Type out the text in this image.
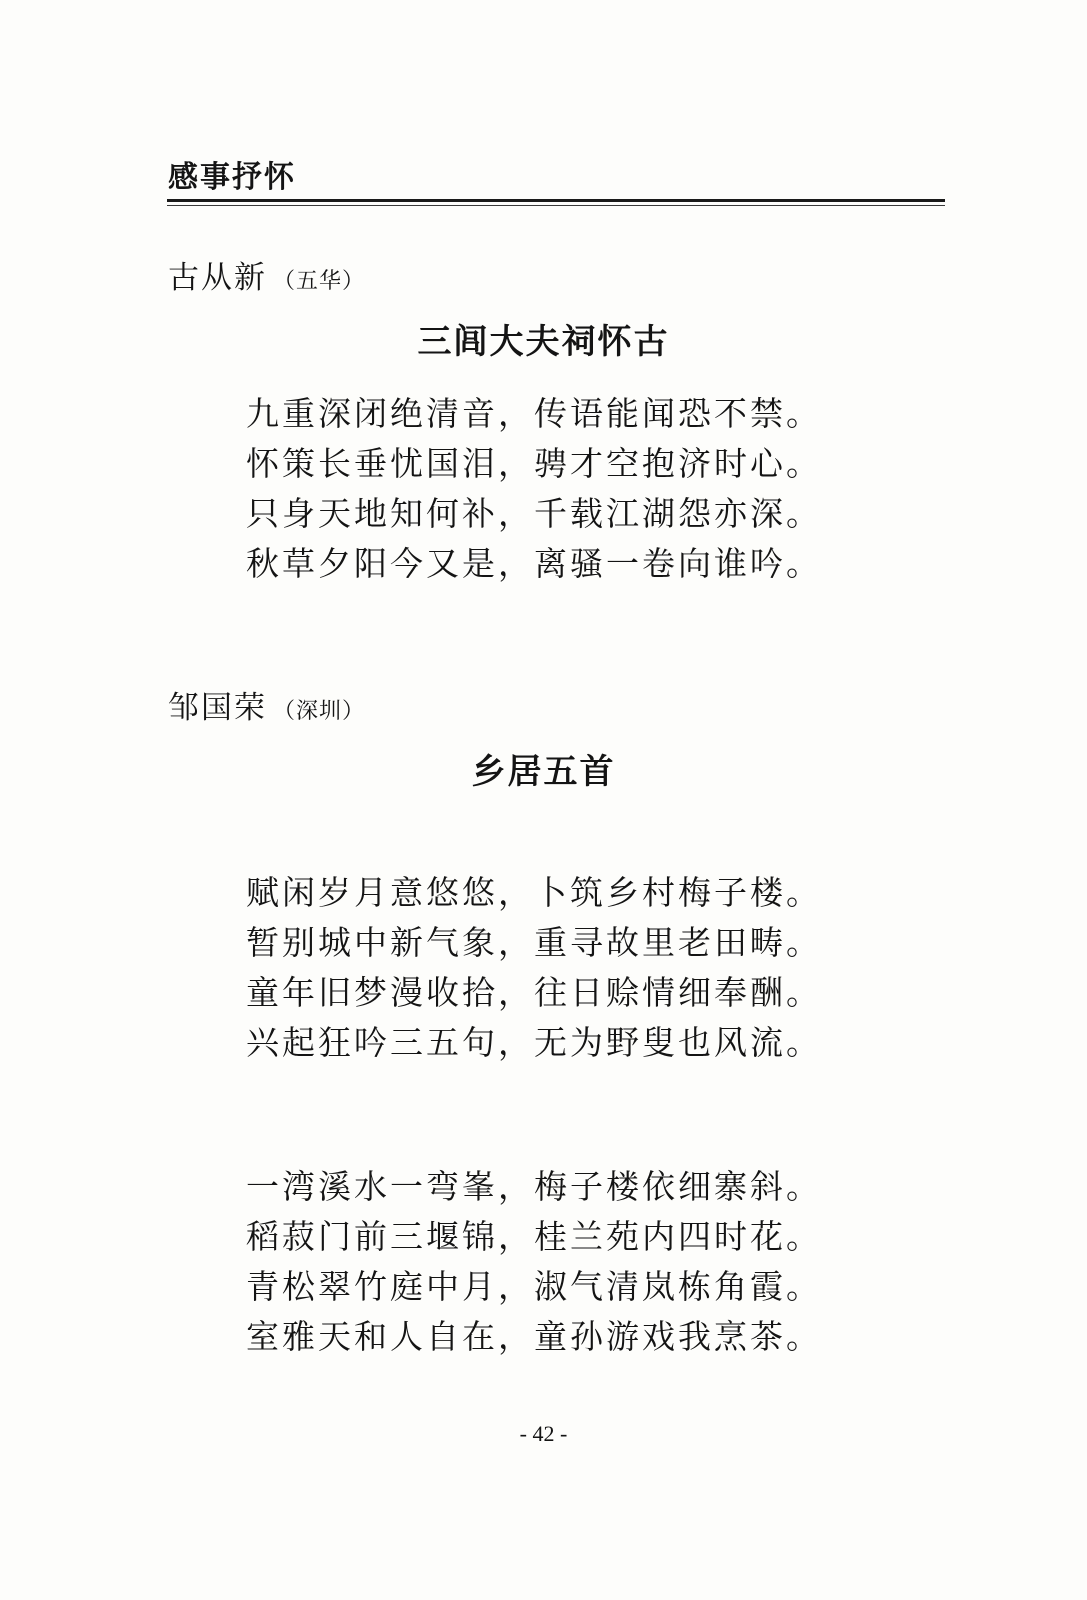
感事抒怀
古从新 （五华）
三闾大夫祠怀古
九重深闭绝清音，传语能闻恐不禁。
怀策长垂忧国泪，骋才空抱济时心。
只身天地知何补，千载江湖怨亦深。
秋草夕阳今又是，离骚一卷向谁吟。
邹国荣 （深圳）
乡居五首
赋闲岁月意悠悠，卜筑乡村梅子楼。
暂别城中新气象，重寻故里老田畴。
童年旧梦漫收拾，往日赊情细奉酬。
兴起狂吟三五句，无为野叟也风流。
一湾溪水一弯峯，梅子楼依细寨斜。
稻菽门前三堰锦，桂兰苑内四时花。
青松翠竹庭中月，淑气清岚栋角霞。
室雅天和人自在，童孙游戏我烹茶。
- 42 -
